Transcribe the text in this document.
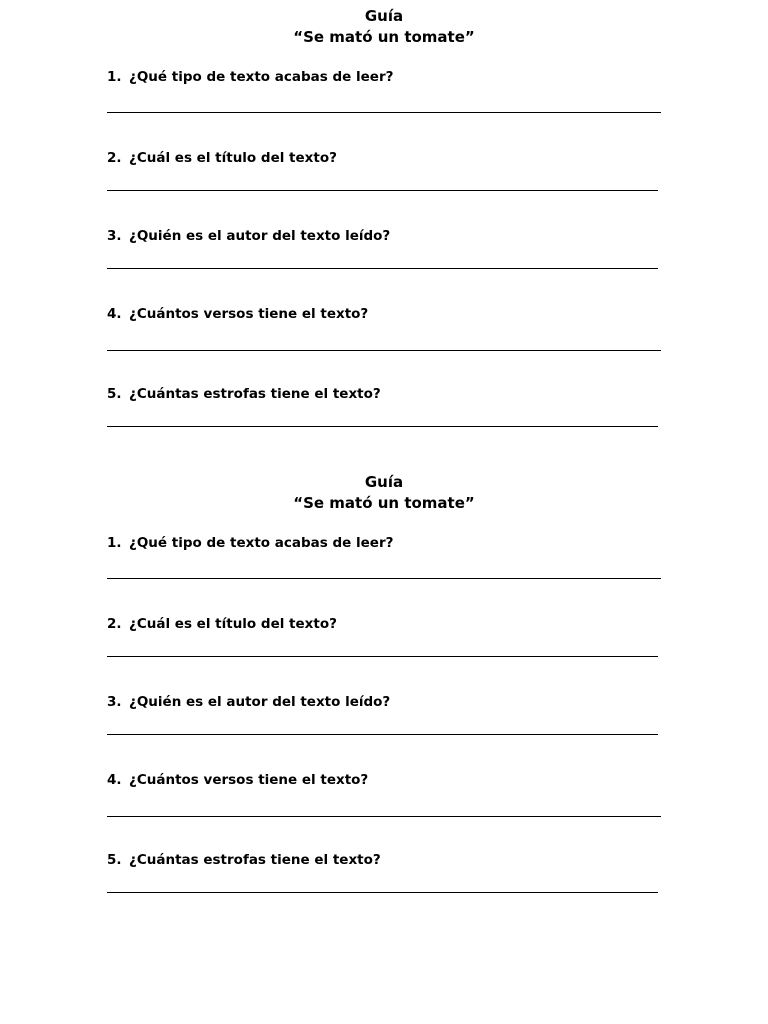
Guía
“Se mató un tomate”
1. ¿Qué tipo de texto acabas de leer?
2. ¿Cuál es el título del texto?
3. ¿Quién es el autor del texto leído?
4. ¿Cuántos versos tiene el texto?
5. ¿Cuántas estrofas tiene el texto?
Guía
“Se mató un tomate”
1. ¿Qué tipo de texto acabas de leer?
2. ¿Cuál es el título del texto?
3. ¿Quién es el autor del texto leído?
4. ¿Cuántos versos tiene el texto?
5. ¿Cuántas estrofas tiene el texto?
